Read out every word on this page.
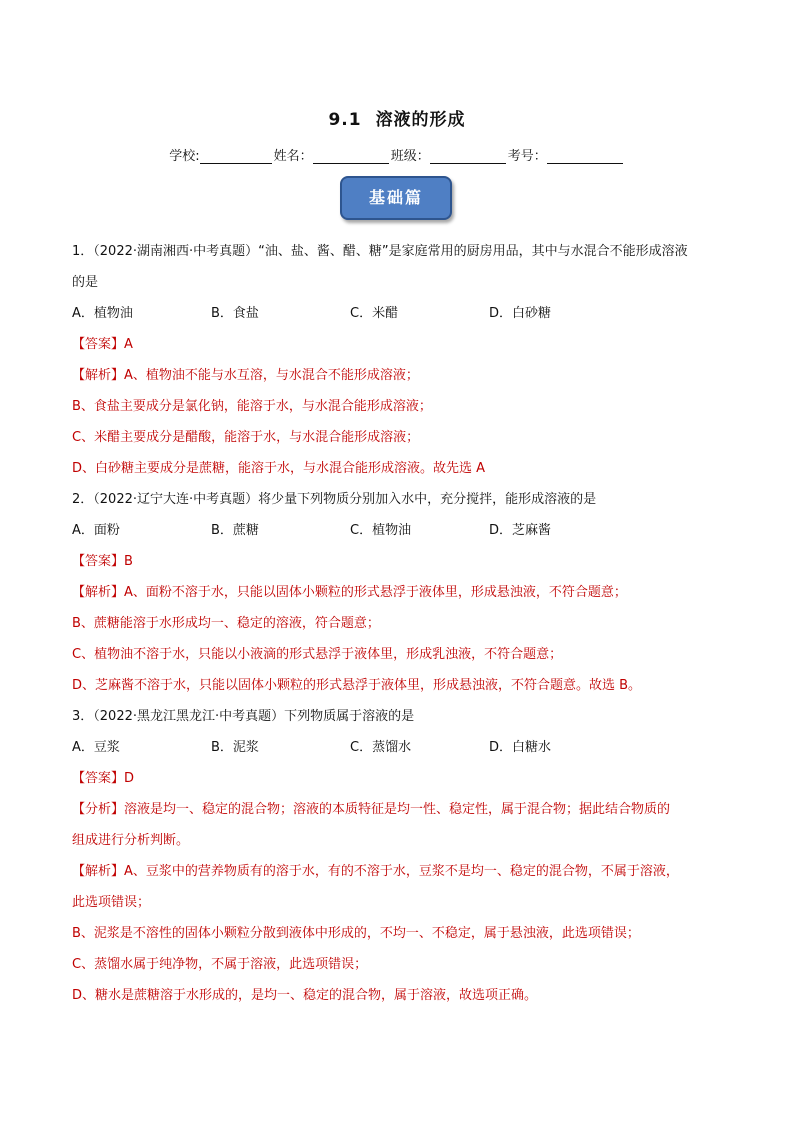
9.1 溶液的形成
学校:	姓名：	班级：	考号：
基础篇
1．（2022·湖南湘西·中考真题）“油、盐、酱、醋、糖”是家庭常用的厨房用品，其中与水混合不能形成溶液
的是
A．植物油	B．食盐	C．米醋	D．白砂糖
【答案】A
【解析】A、植物油不能与水互溶，与水混合不能形成溶液；
B、食盐主要成分是氯化钠，能溶于水，与水混合能形成溶液；
C、米醋主要成分是醋酸，能溶于水，与水混合能形成溶液；
D、白砂糖主要成分是蔗糖，能溶于水，与水混合能形成溶液。故先选 A
2．（2022·辽宁大连·中考真题）将少量下列物质分别加入水中，充分搅拌，能形成溶液的是
A．面粉	B．蔗糖	C．植物油	D．芝麻酱
【答案】B
【解析】A、面粉不溶于水，只能以固体小颗粒的形式悬浮于液体里，形成悬浊液，不符合题意；
B、蔗糖能溶于水形成均一、稳定的溶液，符合题意；
C、植物油不溶于水，只能以小液滴的形式悬浮于液体里，形成乳浊液，不符合题意；
D、芝麻酱不溶于水，只能以固体小颗粒的形式悬浮于液体里，形成悬浊液，不符合题意。故选 B。
3．（2022·黑龙江黑龙江·中考真题）下列物质属于溶液的是
A．豆浆	B．泥浆	C．蒸馏水	D．白糖水
【答案】D
【分析】溶液是均一、稳定的混合物；溶液的本质特征是均一性、稳定性，属于混合物；据此结合物质的
组成进行分析判断。
【解析】A、豆浆中的营养物质有的溶于水，有的不溶于水，豆浆不是均一、稳定的混合物，不属于溶液，
此选项错误；
B、泥浆是不溶性的固体小颗粒分散到液体中形成的，不均一、不稳定，属于悬浊液，此选项错误；
C、蒸馏水属于纯净物，不属于溶液，此选项错误；
D、糖水是蔗糖溶于水形成的，是均一、稳定的混合物，属于溶液，故选项正确。
